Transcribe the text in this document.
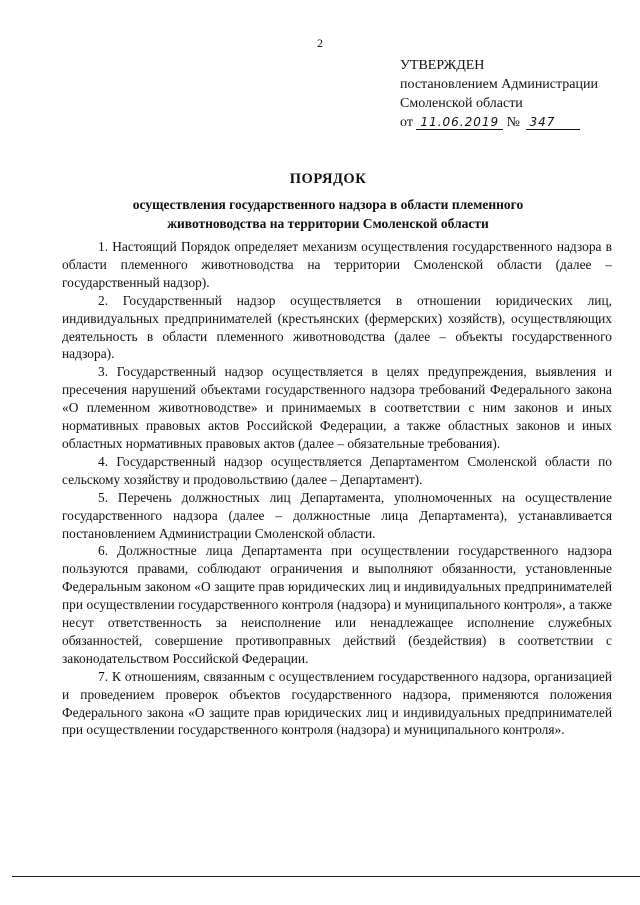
2
УТВЕРЖДЕН
постановлением Администрации
Смоленской области
от 11.06.2019 № 347
ПОРЯДОК
осуществления государственного надзора в области племенного
животноводства на территории Смоленской области

1. Настоящий Порядок определяет механизм осуществления государственного надзора в области племенного животноводства на территории Смоленской области (далее – государственный надзор).

2. Государственный надзор осуществляется в отношении юридических лиц, индивидуальных предпринимателей (крестьянских (фермерских) хозяйств), осуществляющих деятельность в области племенного животноводства (далее – объекты государственного надзора).

3. Государственный надзор осуществляется в целях предупреждения, выявления и пресечения нарушений объектами государственного надзора требований Федерального закона «О племенном животноводстве» и принимаемых в соответствии с ним законов и иных нормативных правовых актов Российской Федерации, а также областных законов и иных областных нормативных правовых актов (далее – обязательные требования).

4. Государственный надзор осуществляется Департаментом Смоленской области по сельскому хозяйству и продовольствию (далее – Департамент).

5. Перечень должностных лиц Департамента, уполномоченных на осуществление государственного надзора (далее – должностные лица Департамента), устанавливается постановлением Администрации Смоленской области.

6. Должностные лица Департамента при осуществлении государственного надзора пользуются правами, соблюдают ограничения и выполняют обязанности, установленные Федеральным законом «О защите прав юридических лиц и индивидуальных предпринимателей при осуществлении государственного контроля (надзора) и муниципального контроля», а также несут ответственность за неисполнение или ненадлежащее исполнение служебных обязанностей, совершение противоправных действий (бездействия) в соответствии с законодательством Российской Федерации.

7. К отношениям, связанным с осуществлением государственного надзора, организацией и проведением проверок объектов государственного надзора, применяются положения Федерального закона «О защите прав юридических лиц и индивидуальных предпринимателей при осуществлении государственного контроля (надзора) и муниципального контроля».
